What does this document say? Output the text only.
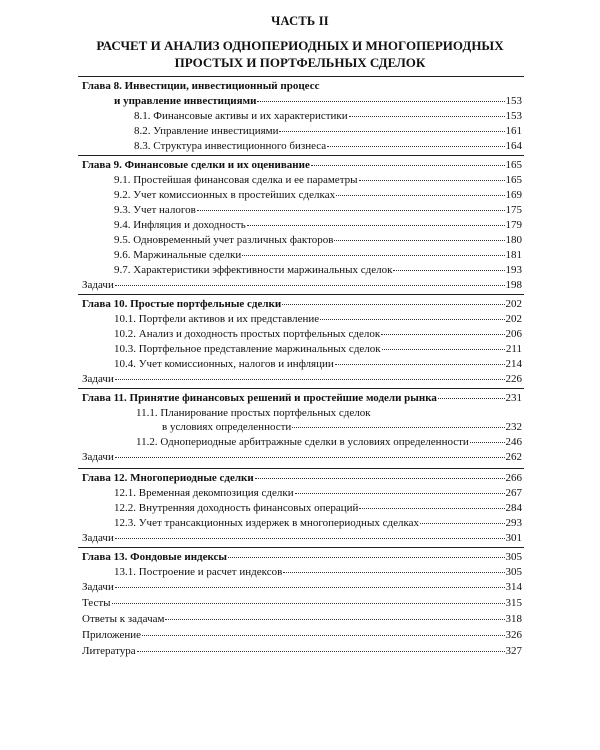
ЧАСТЬ II
РАСЧЕТ И АНАЛИЗ ОДНОПЕРИОДНЫХ И МНОГОПЕРИОДНЫХ
ПРОСТЫХ И ПОРТФЕЛЬНЫХ СДЕЛОК
Глава 8. Инвестиции, инвестиционный процесс
и управление инвестициями	153
8.1. Финансовые активы и их характеристики	153
8.2. Управление инвестициями	161
8.3. Структура инвестиционного бизнеса	164
Глава 9. Финансовые сделки и их оценивание	165
9.1. Простейшая финансовая сделка и ее параметры	165
9.2. Учет комиссионных в простейших сделках	169
9.3. Учет налогов	175
9.4. Инфляция и доходность	179
9.5. Одновременный учет различных факторов	180
9.6. Маржинальные сделки	181
9.7. Характеристики эффективности маржинальных сделок	193
Задачи	198
Глава 10. Простые портфельные сделки	202
10.1. Портфели активов и их представление	202
10.2. Анализ и доходность простых портфельных сделок	206
10.3. Портфельное представление маржинальных сделок	211
10.4. Учет комиссионных, налогов и инфляции	214
Задачи	226
Глава 11. Принятие финансовых решений и простейшие модели рынка	231
11.1. Планирование простых портфельных сделок
в условиях определенности	232
11.2. Однопериодные арбитражные сделки в условиях определенности	246
Задачи	262
Глава 12. Многопериодные сделки	266
12.1. Временная декомпозиция сделки	267
12.2. Внутренняя доходность финансовых операций	284
12.3. Учет трансакционных издержек в многопериодных сделках	293
Задачи	301
Глава 13. Фондовые индексы	305
13.1. Построение и расчет индексов	305
Задачи	314
Тесты	315
Ответы к задачам	318
Приложение	326
Литература	327
